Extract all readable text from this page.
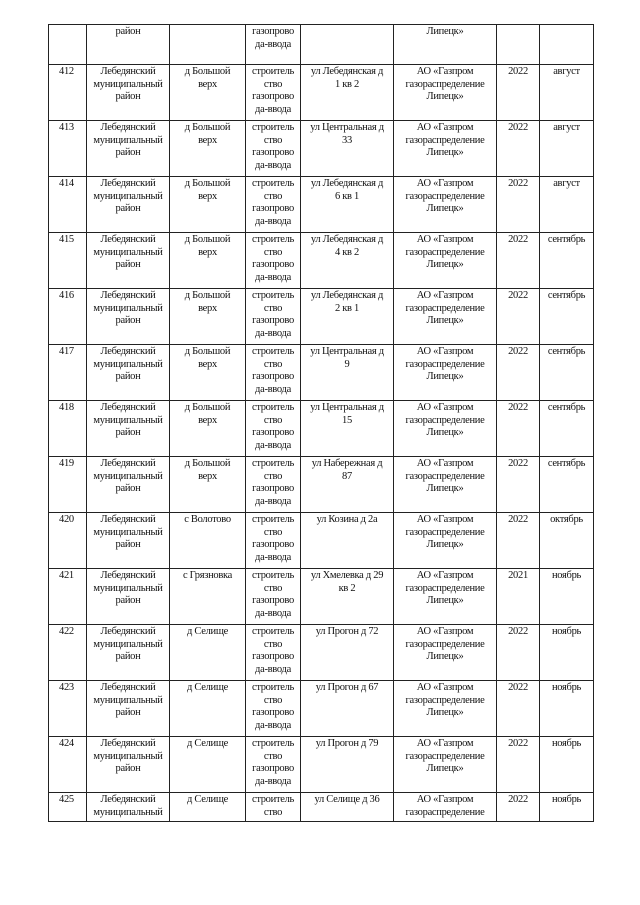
	район		газопрово
да-ввода		Липецк»		

412	Лебедянский
муниципальный
район	д Большой
верх	строитель
ство
газопрово
да-ввода	ул Лебедянская д
1 кв 2	АО «Газпром
газораспределение
Липецк»	2022	август

413	Лебедянский
муниципальный
район	д Большой
верх	строитель
ство
газопрово
да-ввода	ул Центральная д
33	АО «Газпром
газораспределение
Липецк»	2022	август

414	Лебедянский
муниципальный
район	д Большой
верх	строитель
ство
газопрово
да-ввода	ул Лебедянская д
6 кв 1	АО «Газпром
газораспределение
Липецк»	2022	август

415	Лебедянский
муниципальный
район	д Большой
верх	строитель
ство
газопрово
да-ввода	ул Лебедянская д
4 кв 2	АО «Газпром
газораспределение
Липецк»	2022	сентябрь

416	Лебедянский
муниципальный
район	д Большой
верх	строитель
ство
газопрово
да-ввода	ул Лебедянская д
2 кв 1	АО «Газпром
газораспределение
Липецк»	2022	сентябрь

417	Лебедянский
муниципальный
район	д Большой
верх	строитель
ство
газопрово
да-ввода	ул Центральная д
9	АО «Газпром
газораспределение
Липецк»	2022	сентябрь

418	Лебедянский
муниципальный
район	д Большой
верх	строитель
ство
газопрово
да-ввода	ул Центральная д
15	АО «Газпром
газораспределение
Липецк»	2022	сентябрь

419	Лебедянский
муниципальный
район	д Большой
верх	строитель
ство
газопрово
да-ввода	ул Набережная д
87	АО «Газпром
газораспределение
Липецк»	2022	сентябрь

420	Лебедянский
муниципальный
район	с Волотово	строитель
ство
газопрово
да-ввода	ул Козина д 2а	АО «Газпром
газораспределение
Липецк»	2022	октябрь

421	Лебедянский
муниципальный
район	с Грязновка	строитель
ство
газопрово
да-ввода	ул Хмелевка д 29
кв 2	АО «Газпром
газораспределение
Липецк»	2021	ноябрь

422	Лебедянский
муниципальный
район	д Селище	строитель
ство
газопрово
да-ввода	ул Прогон д 72	АО «Газпром
газораспределение
Липецк»	2022	ноябрь

423	Лебедянский
муниципальный
район	д Селище	строитель
ство
газопрово
да-ввода	ул Прогон д 67	АО «Газпром
газораспределение
Липецк»	2022	ноябрь

424	Лебедянский
муниципальный
район	д Селище	строитель
ство
газопрово
да-ввода	ул Прогон д 79	АО «Газпром
газораспределение
Липецк»	2022	ноябрь

425	Лебедянский
муниципальный	д Селище	строитель
ство	ул Селище д 36	АО «Газпром
газораспределение	2022	ноябрь
